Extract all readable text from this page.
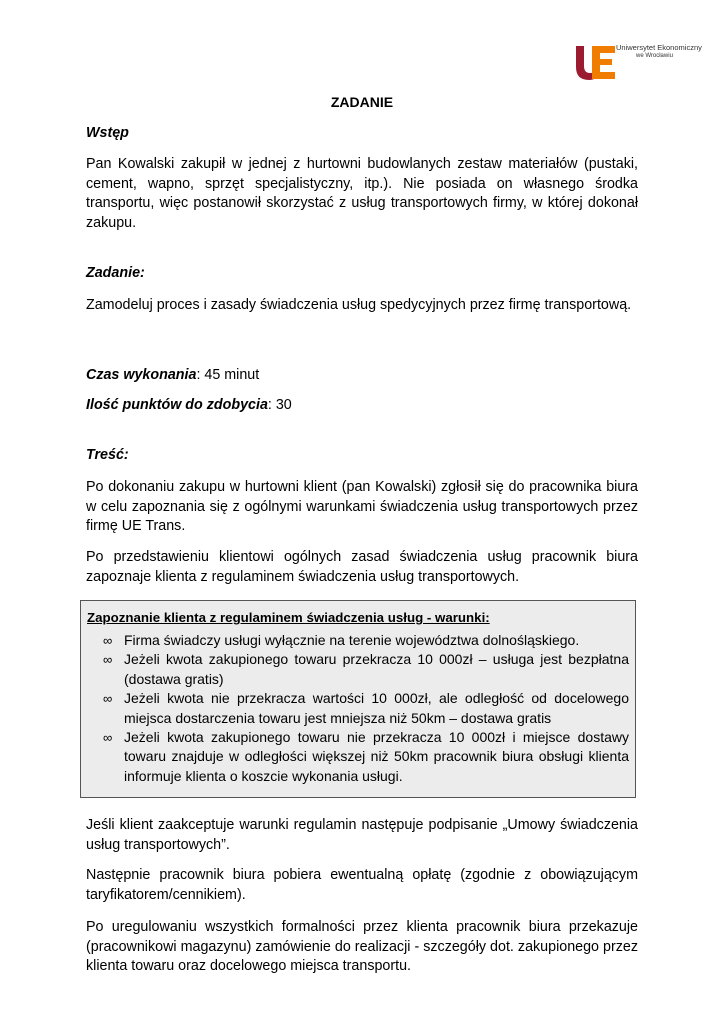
Uniwersytet Ekonomiczny
we Wrocławiu
ZADANIE
Wstęp
Pan Kowalski zakupił w jednej z hurtowni budowlanych zestaw materiałów (pustaki, cement, wapno, sprzęt specjalistyczny, itp.). Nie posiada on własnego środka transportu, więc postanowił skorzystać z usług transportowych firmy, w której dokonał zakupu.
Zadanie:
Zamodeluj proces i zasady świadczenia usług spedycyjnych przez firmę transportową.
Czas wykonania: 45 minut
Ilość punktów do zdobycia: 30
Treść:
Po dokonaniu zakupu w hurtowni klient (pan Kowalski) zgłosił się do pracownika biura w celu zapoznania się z ogólnymi warunkami świadczenia usług transportowych przez firmę UE Trans.
Po przedstawieniu klientowi ogólnych zasad świadczenia usług pracownik biura zapoznaje klienta z regulaminem świadczenia usług transportowych.
Zapoznanie klienta z regulaminem świadczenia usług - warunki:
∞ Firma świadczy usługi wyłącznie na terenie województwa dolnośląskiego.
∞ Jeżeli kwota zakupionego towaru przekracza 10 000zł – usługa jest bezpłatna (dostawa gratis)
∞ Jeżeli kwota nie przekracza wartości 10 000zł, ale odległość od docelowego miejsca dostarczenia towaru jest mniejsza niż 50km – dostawa gratis
∞ Jeżeli kwota zakupionego towaru nie przekracza 10 000zł i miejsce dostawy towaru znajduje w odległości większej niż 50km pracownik biura obsługi klienta informuje klienta o koszcie wykonania usługi.
Jeśli klient zaakceptuje warunki regulamin następuje podpisanie „Umowy świadczenia usług transportowych”.
Następnie pracownik biura pobiera ewentualną opłatę (zgodnie z obowiązującym taryfikatorem/cennikiem).
Po uregulowaniu wszystkich formalności przez klienta pracownik biura przekazuje (pracownikowi magazynu) zamówienie do realizacji - szczegóły dot. zakupionego przez klienta towaru oraz docelowego miejsca transportu.
